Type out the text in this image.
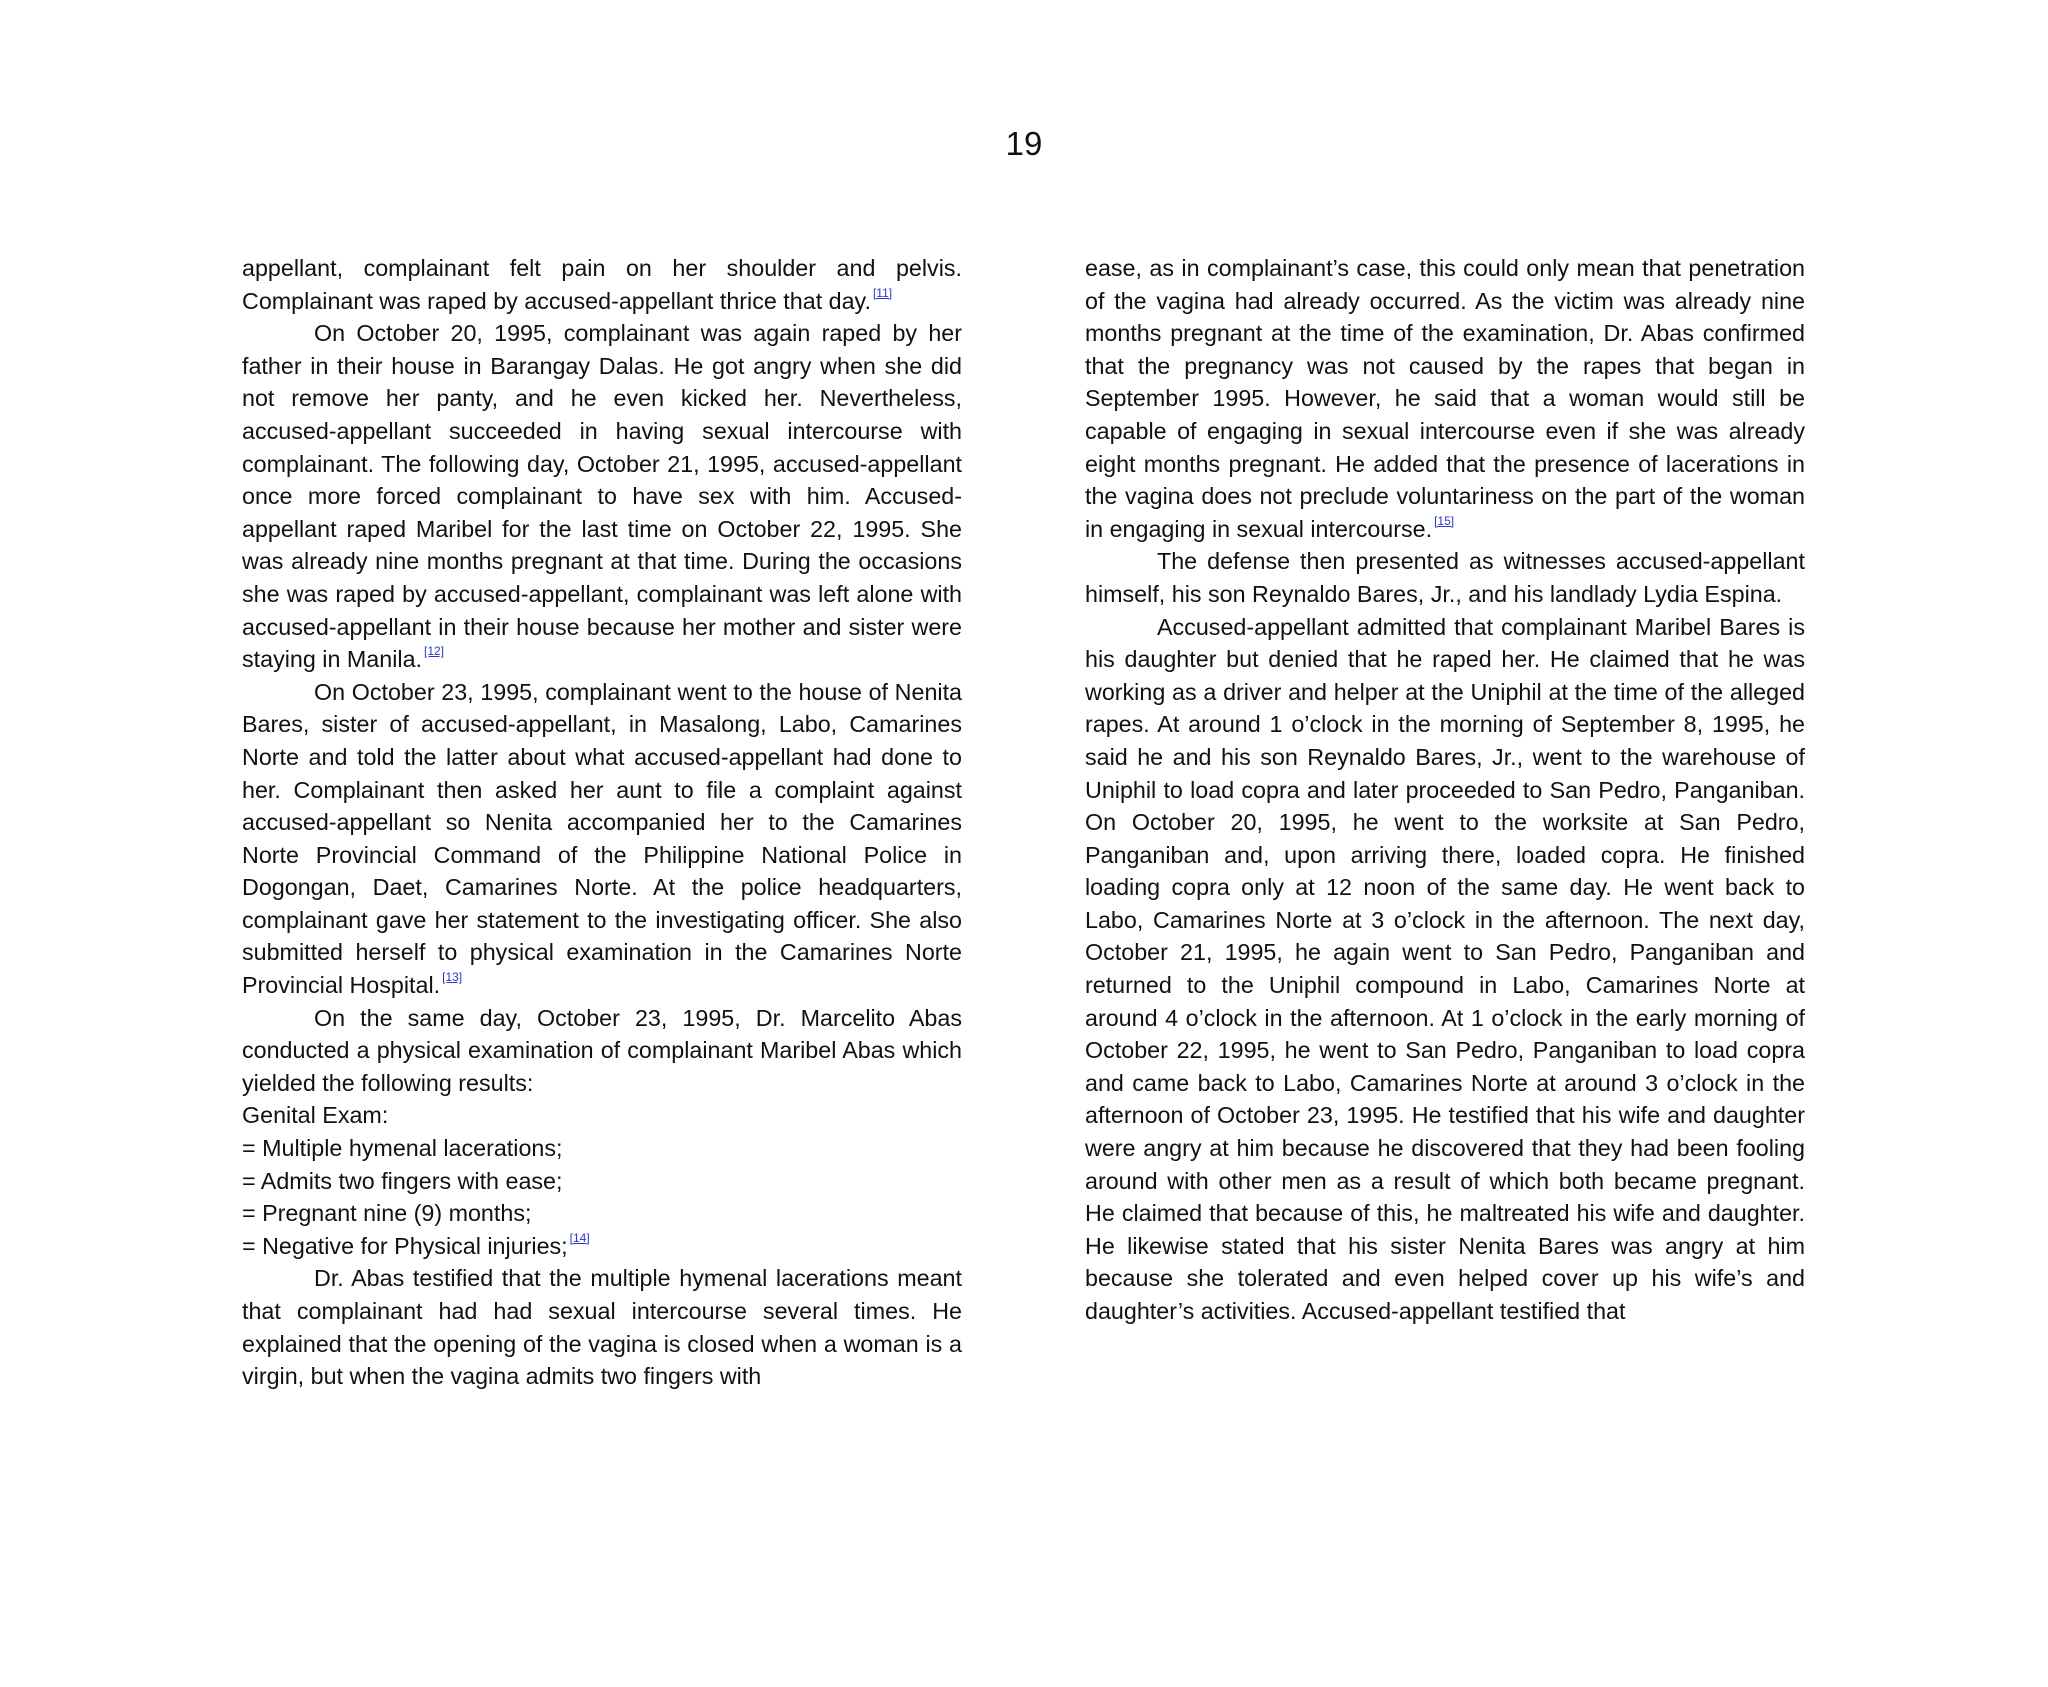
19

appellant, complainant felt pain on her shoulder and pelvis. Complainant was raped by accused-appellant thrice that day. [11]

On October 20, 1995, complainant was again raped by her father in their house in Barangay Dalas. He got angry when she did not remove her panty, and he even kicked her. Nevertheless, accused-appellant succeeded in having sexual intercourse with complainant. The following day, October 21, 1995, accused-appellant once more forced complainant to have sex with him. Accused-appellant raped Maribel for the last time on October 22, 1995. She was already nine months pregnant at that time. During the occasions she was raped by accused-appellant, complainant was left alone with accused-appellant in their house because her mother and sister were staying in Manila. [12]

On October 23, 1995, complainant went to the house of Nenita Bares, sister of accused-appellant, in Masalong, Labo, Camarines Norte and told the latter about what accused-appellant had done to her. Complainant then asked her aunt to file a complaint against accused-appellant so Nenita accompanied her to the Camarines Norte Provincial Command of the Philippine National Police in Dogongan, Daet, Camarines Norte. At the police headquarters, complainant gave her statement to the investigating officer. She also submitted herself to physical examination in the Camarines Norte Provincial Hospital. [13]

On the same day, October 23, 1995, Dr. Marcelito Abas conducted a physical examination of complainant Maribel Abas which yielded the following results:

Genital Exam:

= Multiple hymenal lacerations;

= Admits two fingers with ease;

= Pregnant nine (9) months;

= Negative for Physical injuries; [14]

Dr. Abas testified that the multiple hymenal lacerations meant that complainant had had sexual intercourse several times. He explained that the opening of the vagina is closed when a woman is a virgin, but when the vagina admits two fingers with

ease, as in complainant’s case, this could only mean that penetration of the vagina had already occurred. As the victim was already nine months pregnant at the time of the examination, Dr. Abas confirmed that the pregnancy was not caused by the rapes that began in September 1995. However, he said that a woman would still be capable of engaging in sexual intercourse even if she was already eight months pregnant. He added that the presence of lacerations in the vagina does not preclude voluntariness on the part of the woman in engaging in sexual intercourse. [15]

The defense then presented as witnesses accused-appellant himself, his son Reynaldo Bares, Jr., and his landlady Lydia Espina.

Accused-appellant admitted that complainant Maribel Bares is his daughter but denied that he raped her. He claimed that he was working as a driver and helper at the Uniphil at the time of the alleged rapes. At around 1 o’clock in the morning of September 8, 1995, he said he and his son Reynaldo Bares, Jr., went to the warehouse of Uniphil to load copra and later proceeded to San Pedro, Panganiban. On October 20, 1995, he went to the worksite at San Pedro, Panganiban and, upon arriving there, loaded copra. He finished loading copra only at 12 noon of the same day. He went back to Labo, Camarines Norte at 3 o’clock in the afternoon. The next day, October 21, 1995, he again went to San Pedro, Panganiban and returned to the Uniphil compound in Labo, Camarines Norte at around 4 o’clock in the afternoon. At 1 o’clock in the early morning of October 22, 1995, he went to San Pedro, Panganiban to load copra and came back to Labo, Camarines Norte at around 3 o’clock in the afternoon of October 23, 1995. He testified that his wife and daughter were angry at him because he discovered that they had been fooling around with other men as a result of which both became pregnant. He claimed that because of this, he maltreated his wife and daughter. He likewise stated that his sister Nenita Bares was angry at him because she tolerated and even helped cover up his wife’s and daughter’s activities. Accused-appellant testified that
